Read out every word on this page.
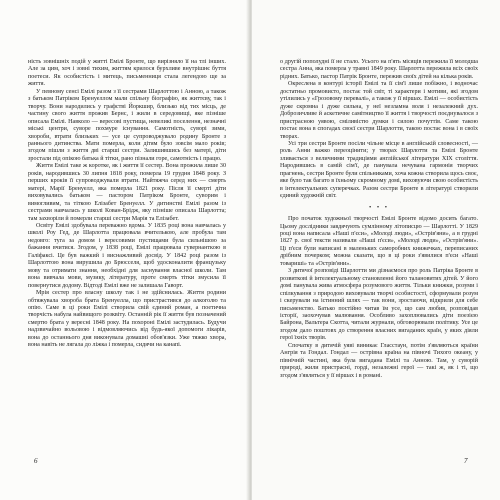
ність зовнішніх подій у житті Емілі Бронте, що вирізняло її на тлі інших. Але за цим, хоч і зовні тихим, життям крилося бурхливе внутрішнє буття поетеси. Як особистість і митець, письменниця стала легендою ще за життя.

У певному сенсі Емілі разом з її сестрами Шарлоттою і Анною, а також з батьком Патріком Бренуеллом мали спільну біографію, як життєву, так і творчу. Вони народились у графстві Йоркшир, близько від тих місць, де частину свого життя прожив Бернс, і жили в середовищі, яке пізніше описала Емілі. Навколо — вересові пустища, невеликі поселення, незначні міські центри, суворе похмуре існування. Самотність, суворі зими, хвороби, втрати близьких — усе це супроводжувало родину Бронте з раннього дитинства. Мати померла, коли дітям було зовсім мало років; згодом пішли з життя дві старші сестри. Залишившись без матері, діти зростали під опікою батька й тітки, рано пізнали горе, самотність і працю.

Життя Емілі таке ж коротке, як і життя її сестер. Вона прожила лише 30 років, народившись 30 липня 1818 року, померла 19 грудня 1848 року. З перших кроків її супроводжували втрати. Найтяжча серед них — смерть матері, Марії Бренуелл, яка померла 1821 року. Після її смерті діти виховувались батьком — пастором Патріком Бронте, суворим і вимогливим, та тіткою Елізабет Бренуелл. У дитинстві Емілі разом із сестрами навчалась у школі Кован-Брідж, яку пізніше описала Шарлотта; там захворіли й померли старші сестри Марія та Елізабет.

Освіту Емілі здобувала переважно вдома. У 1835 році вона навчалась у школі Роу Гед, де Шарлотта працювала вчителькою, але пробула там недовго: туга за домом і вересовими пустищами була сильнішою за бажання вчитися. Згодом, у 1838 році, Емілі працювала гувернанткою в Галіфаксі. Це був важкий і виснажливий досвід. У 1842 році разом із Шарлоттою вона вирушила до Брюсселя, щоб удосконалити французьку мову та отримати знання, необхідні для заснування власної школи. Там вона вивчала мови, музику, літературу, проте смерть тітки змусила її повернутися додому. Відтоді Емілі вже не залишала Гаворт.

Мрія сестер про власну школу так і не здійснилась. Життя родини обтяжувала хвороба брата Бренуелла, що пристрастився до алкоголю та опію. Саме в ці роки Емілі створила свій єдиний роман, а поетична творчість набула найвищого розквіту. Останній рік її життя був позначений смертю брата у вересні 1848 року. На похороні Емілі застудилась. Будучи надзвичайно вольовою і відмовляючись від будь-якої допомоги лікарів, вона до останнього дня виконувала домашні обов'язки. Уже тяжко хвора, вона навіть не лягала до ліжка і померла, сидячи на канапі.

6

о другій пополудні її не стало. Усього на п'ять місяців пережила її молодша сестра Анна, яка померла у травні 1849 року. Шарлотта пережила всіх своїх рідних. Батько, пастор Патрік Бронте, пережив своїх дітей на кілька років.

Окреслена в контурі історії Емілі та її сім'ї лише побіжно, і водночас достатньо промовисто, постає той світ, ті характери і мотиви, які згодом утілились у «Грозовому перевалі», а також у її віршах. Емілі — особистість дуже скромна і дуже сильна, у неї незламна воля і незалежний дух. Доброзичливе й аскетичне самітництво її життя і творчості поєднувалося з пристрасною уявою, сміливістю думки і силою почуттів. Саме такою постає вона в спогадах своєї сестри Шарлотти, такою постає вона і в своїх творах.

Усі три сестри Бронте посіли чільне місце в англійській словесності, — роль Анни важко переоцінити; у творах Шарлотти та Емілі Бронте зливається з величними традиціями англійської літератури XIX століття. Народившись в самій сім'ї, де панувала нечувана гармонія творчих прагнень, сестри Бронте були спільниками, хоча кожна створила щось своє, яке було так багато в їхньому скромному домі, виховуючи свою особистість в інтелектуальних суперечках. Разом сестри Бронте в літературі створили єдиний художній світ.

• • •

Про початок художньої творчості Емілі Бронте відомо досить багато. Цьому дослідники завдячують сумлінному літописцю — Шарлотті. У 1829 році вона написала «Наші п'єси», «Молоді люди», «Острів'яни», а в грудні 1827 р. свої тексти називали «Наші п'єси», «Молоді люди», «Острів'яни». Ці п'єси були написані в маленьких саморобних книжечках, переписаних дрібним почерком; можна сказати, що в ці роки з'явилися п'єси «Наші товариші» та «Острів'яни».

З дитячої розповіді Шарлотти ми дізнаємося про роль Патріка Бронте в розвиткові й інтелектуальному становленні його талановитих дітей. У його домі панувала жива атмосфера розумового життя. Тільки книжки, розуми і спілкування з природою виховували творчі особистості, сформували розум і скерували на істинний шлях — так вони, зростаючи, відкрили для себе письменство. Батько постійно читав їм усе, що сам любив, розповідав історії, заохочував малювання. Особливо захоплювались діти поезією Байрона, Вальтера Скотта, читали журнали, обговорювали політику. Усе це згодом дало поштовх до створення власних вигаданих країн, у яких діяли герої їхніх творів.

Спочатку в дитячій уяві виникає Гласстаун, потім з'являються країни Ангрія та Гондал. Гондал — острівна країна на півночі Тихого океану, у північній частині, яка була вигадана Емілі та Анною. Там, у суворій природі, жили пристрасні, горді, незалежні герої — такі ж, як і ті, що згодом з'являться у її віршах і в романі.

7
